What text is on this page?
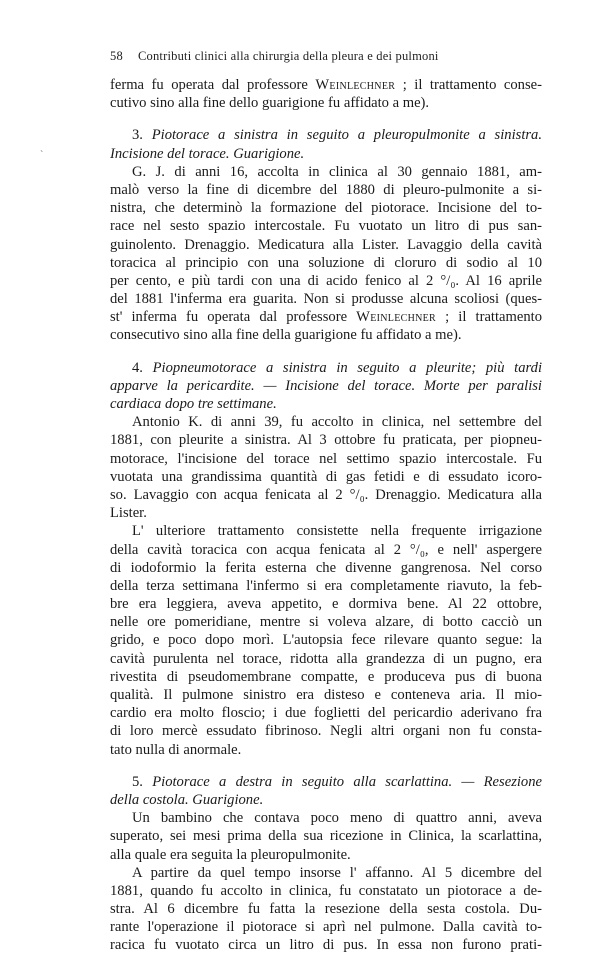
`
58 Contributi clinici alla chirurgia della pleura e dei pulmoni
ferma fu operata dal professore Weinlechner ; il trattamento conse-
cutivo sino alla fine dello guarigione fu affidato a me).
3. Piotorace a sinistra in seguito a pleuropulmonite a sinistra.
Incisione del torace. Guarigione.
G. J. di anni 16, accolta in clinica al 30 gennaio 1881, am-
malò verso la fine di dicembre del 1880 di pleuro-pulmonite a si-
nistra, che determinò la formazione del piotorace. Incisione del to-
race nel sesto spazio intercostale. Fu vuotato un litro di pus san-
guinolento. Drenaggio. Medicatura alla Lister. Lavaggio della cavità
toracica al principio con una soluzione di cloruro di sodio al 10
per cento, e più tardi con una di acido fenico al 2 °/₀. Al 16 aprile
del 1881 l'inferma era guarita. Non si produsse alcuna scoliosi (ques-
st' inferma fu operata dal professore Weinlechner ; il trattamento
consecutivo sino alla fine della guarigione fu affidato a me).
4. Piopneumotorace a sinistra in seguito a pleurite; più tardi
apparve la pericardite. — Incisione del torace. Morte per paralisi
cardiaca dopo tre settimane.
Antonio K. di anni 39, fu accolto in clinica, nel settembre del
1881, con pleurite a sinistra. Al 3 ottobre fu praticata, per piopneu-
motorace, l'incisione del torace nel settimo spazio intercostale. Fu
vuotata una grandissima quantità di gas fetidi e di essudato icoro-
so. Lavaggio con acqua fenicata al 2 °/₀. Drenaggio. Medicatura alla
Lister.
L' ulteriore trattamento consistette nella frequente irrigazione
della cavità toracica con acqua fenicata al 2 °/₀, e nell' aspergere
di iodoformio la ferita esterna che divenne gangrenosa. Nel corso
della terza settimana l'infermo si era completamente riavuto, la feb-
bre era leggiera, aveva appetito, e dormiva bene. Al 22 ottobre,
nelle ore pomeridiane, mentre si voleva alzare, di botto cacciò un
grido, e poco dopo morì. L'autopsia fece rilevare quanto segue: la
cavità purulenta nel torace, ridotta alla grandezza di un pugno, era
rivestita di pseudomembrane compatte, e produceva pus di buona
qualità. Il pulmone sinistro era disteso e conteneva aria. Il mio-
cardio era molto floscio; i due foglietti del pericardio aderivano fra
di loro mercè essudato fibrinoso. Negli altri organi non fu consta-
tato nulla di anormale.
5. Piotorace a destra in seguito alla scarlattina. — Resezione
della costola. Guarigione.
Un bambino che contava poco meno di quattro anni, aveva
superato, sei mesi prima della sua ricezione in Clinica, la scarlattina,
alla quale era seguita la pleuropulmonite.
A partire da quel tempo insorse l' affanno. Al 5 dicembre del
1881, quando fu accolto in clinica, fu constatato un piotorace a de-
stra. Al 6 dicembre fu fatta la resezione della sesta costola. Du-
rante l'operazione il piotorace si aprì nel pulmone. Dalla cavità to-
racica fu vuotato circa un litro di pus. In essa non furono prati-
